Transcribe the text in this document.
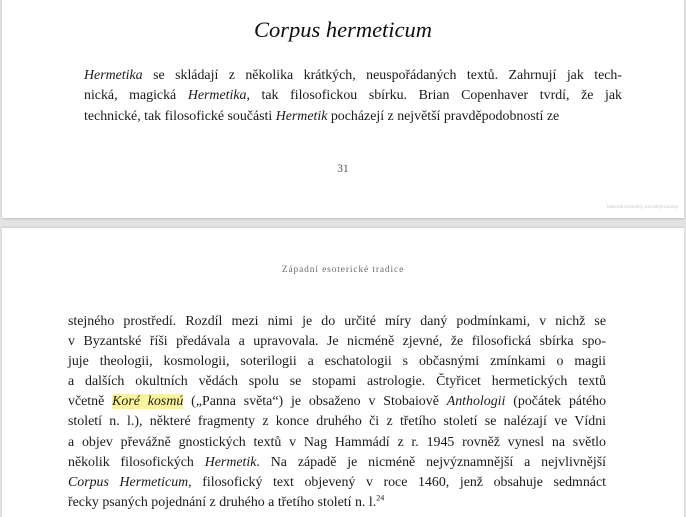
Corpus hermeticum
Hermetika se skládají z několika krátkých, neuspořádaných textů. Zahrnují jak tech-
nická, magická Hermetika, tak filosofickou sbírku. Brian Copenhaver tvrdí, že jak
technické, tak filosofické součásti Hermetik pocházejí z největší pravděpodobností ze
31
Materiál chráněný autorskými právy
Západní esoterické tradice
stejného prostředí. Rozdíl mezi nimi je do určité míry daný podmínkami, v nichž se
v Byzantské říši předávala a upravovala. Je nicméně zjevné, že filosofická sbírka spo-
juje theologii, kosmologii, soterilogii a eschatologii s občasnými zmínkami o magii
a dalších okultních vědách spolu se stopami astrologie. Čtyřicet hermetických textů
včetně Koré kosmú („Panna světa“) je obsaženo v Stobaiově Anthologii (počátek pátého
století n. l.), některé fragmenty z konce druhého či z třetího století se nalézají ve Vídni
a objev převážně gnostických textů v Nag Hammádí z r. 1945 rovněž vynesl na světlo
několik filosofických Hermetik. Na západě je nicméně nejvýznamnější a nejvlivnější
Corpus Hermeticum, filosofický text objevený v roce 1460, jenž obsahuje sedmnáct
řecky psaných pojednání z druhého a třetího století n. l.$^{24}$
